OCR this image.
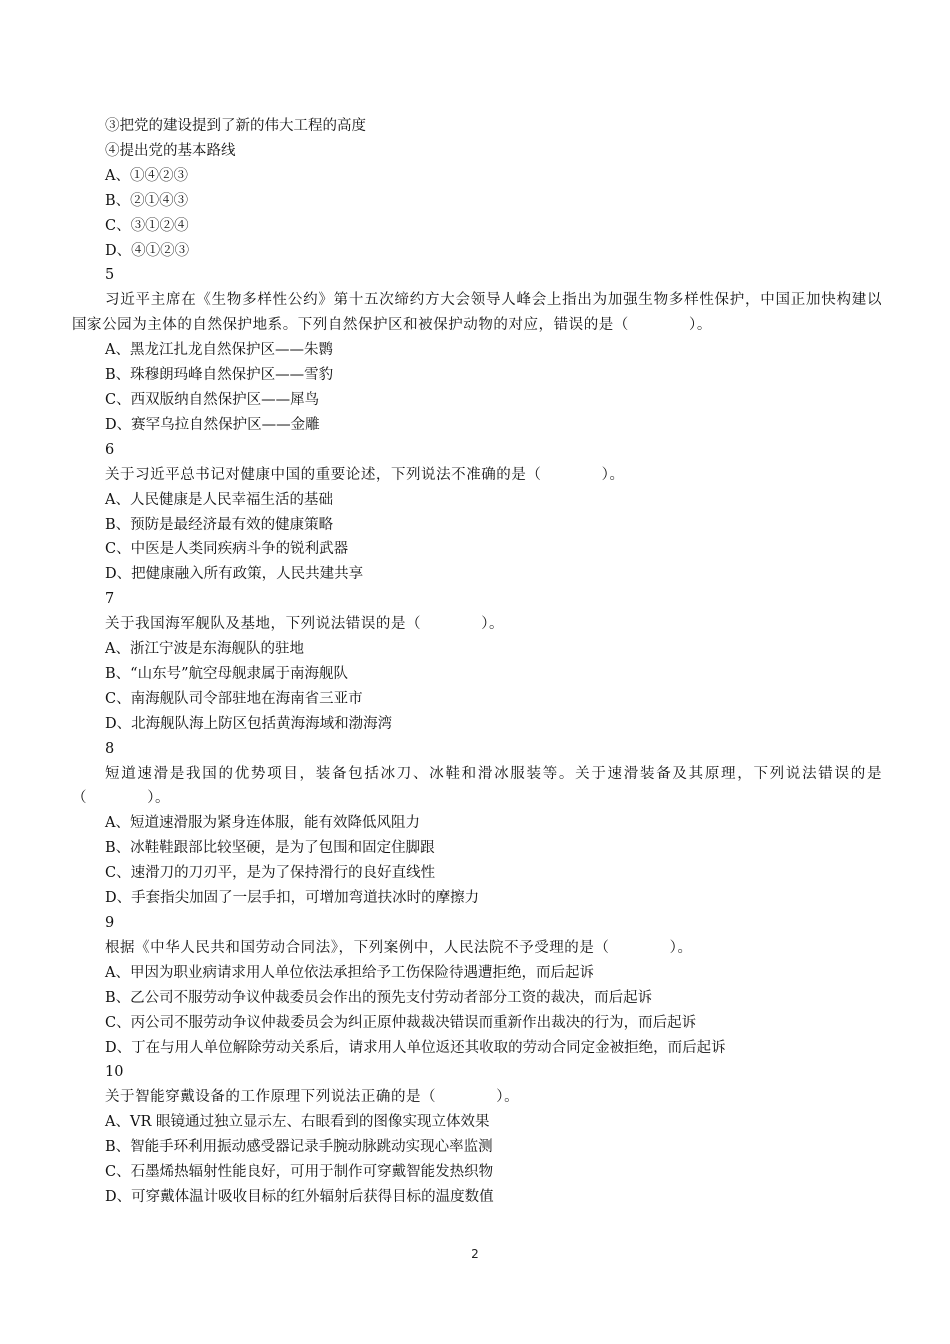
③把党的建设提到了新的伟大工程的高度

④提出党的基本路线

A、①④②③

B、②①④③

C、③①②④

D、④①②③

5

习近平主席在《生物多样性公约》第十五次缔约方大会领导人峰会上指出为加强生物多样性保护，中国正加快构建以国家公园为主体的自然保护地系。下列自然保护区和被保护动物的对应，错误的是（　　　　）。

A、黑龙江扎龙自然保护区——朱鹮

B、珠穆朗玛峰自然保护区——雪豹

C、西双版纳自然保护区——犀鸟

D、赛罕乌拉自然保护区——金雕

6

关于习近平总书记对健康中国的重要论述，下列说法不准确的是（　　　　）。

A、人民健康是人民幸福生活的基础

B、预防是最经济最有效的健康策略

C、中医是人类同疾病斗争的锐利武器

D、把健康融入所有政策，人民共建共享

7

关于我国海军舰队及基地，下列说法错误的是（　　　　）。

A、浙江宁波是东海舰队的驻地

B、“山东号”航空母舰隶属于南海舰队

C、南海舰队司令部驻地在海南省三亚市

D、北海舰队海上防区包括黄海海域和渤海湾

8

短道速滑是我国的优势项目，装备包括冰刀、冰鞋和滑冰服装等。关于速滑装备及其原理，下列说法错误的是（　　　　）。

A、短道速滑服为紧身连体服，能有效降低风阻力

B、冰鞋鞋跟部比较坚硬，是为了包围和固定住脚跟

C、速滑刀的刀刃平，是为了保持滑行的良好直线性

D、手套指尖加固了一层手扣，可增加弯道扶冰时的摩擦力

9

根据《中华人民共和国劳动合同法》，下列案例中，人民法院不予受理的是（　　　　）。

A、甲因为职业病请求用人单位依法承担给予工伤保险待遇遭拒绝，而后起诉

B、乙公司不服劳动争议仲裁委员会作出的预先支付劳动者部分工资的裁决，而后起诉

C、丙公司不服劳动争议仲裁委员会为纠正原仲裁裁决错误而重新作出裁决的行为，而后起诉

D、丁在与用人单位解除劳动关系后，请求用人单位返还其收取的劳动合同定金被拒绝，而后起诉

10

关于智能穿戴设备的工作原理下列说法正确的是（　　　　）。

A、VR 眼镜通过独立显示左、右眼看到的图像实现立体效果

B、智能手环利用振动感受器记录手腕动脉跳动实现心率监测

C、石墨烯热辐射性能良好，可用于制作可穿戴智能发热织物

D、可穿戴体温计吸收目标的红外辐射后获得目标的温度数值

2
